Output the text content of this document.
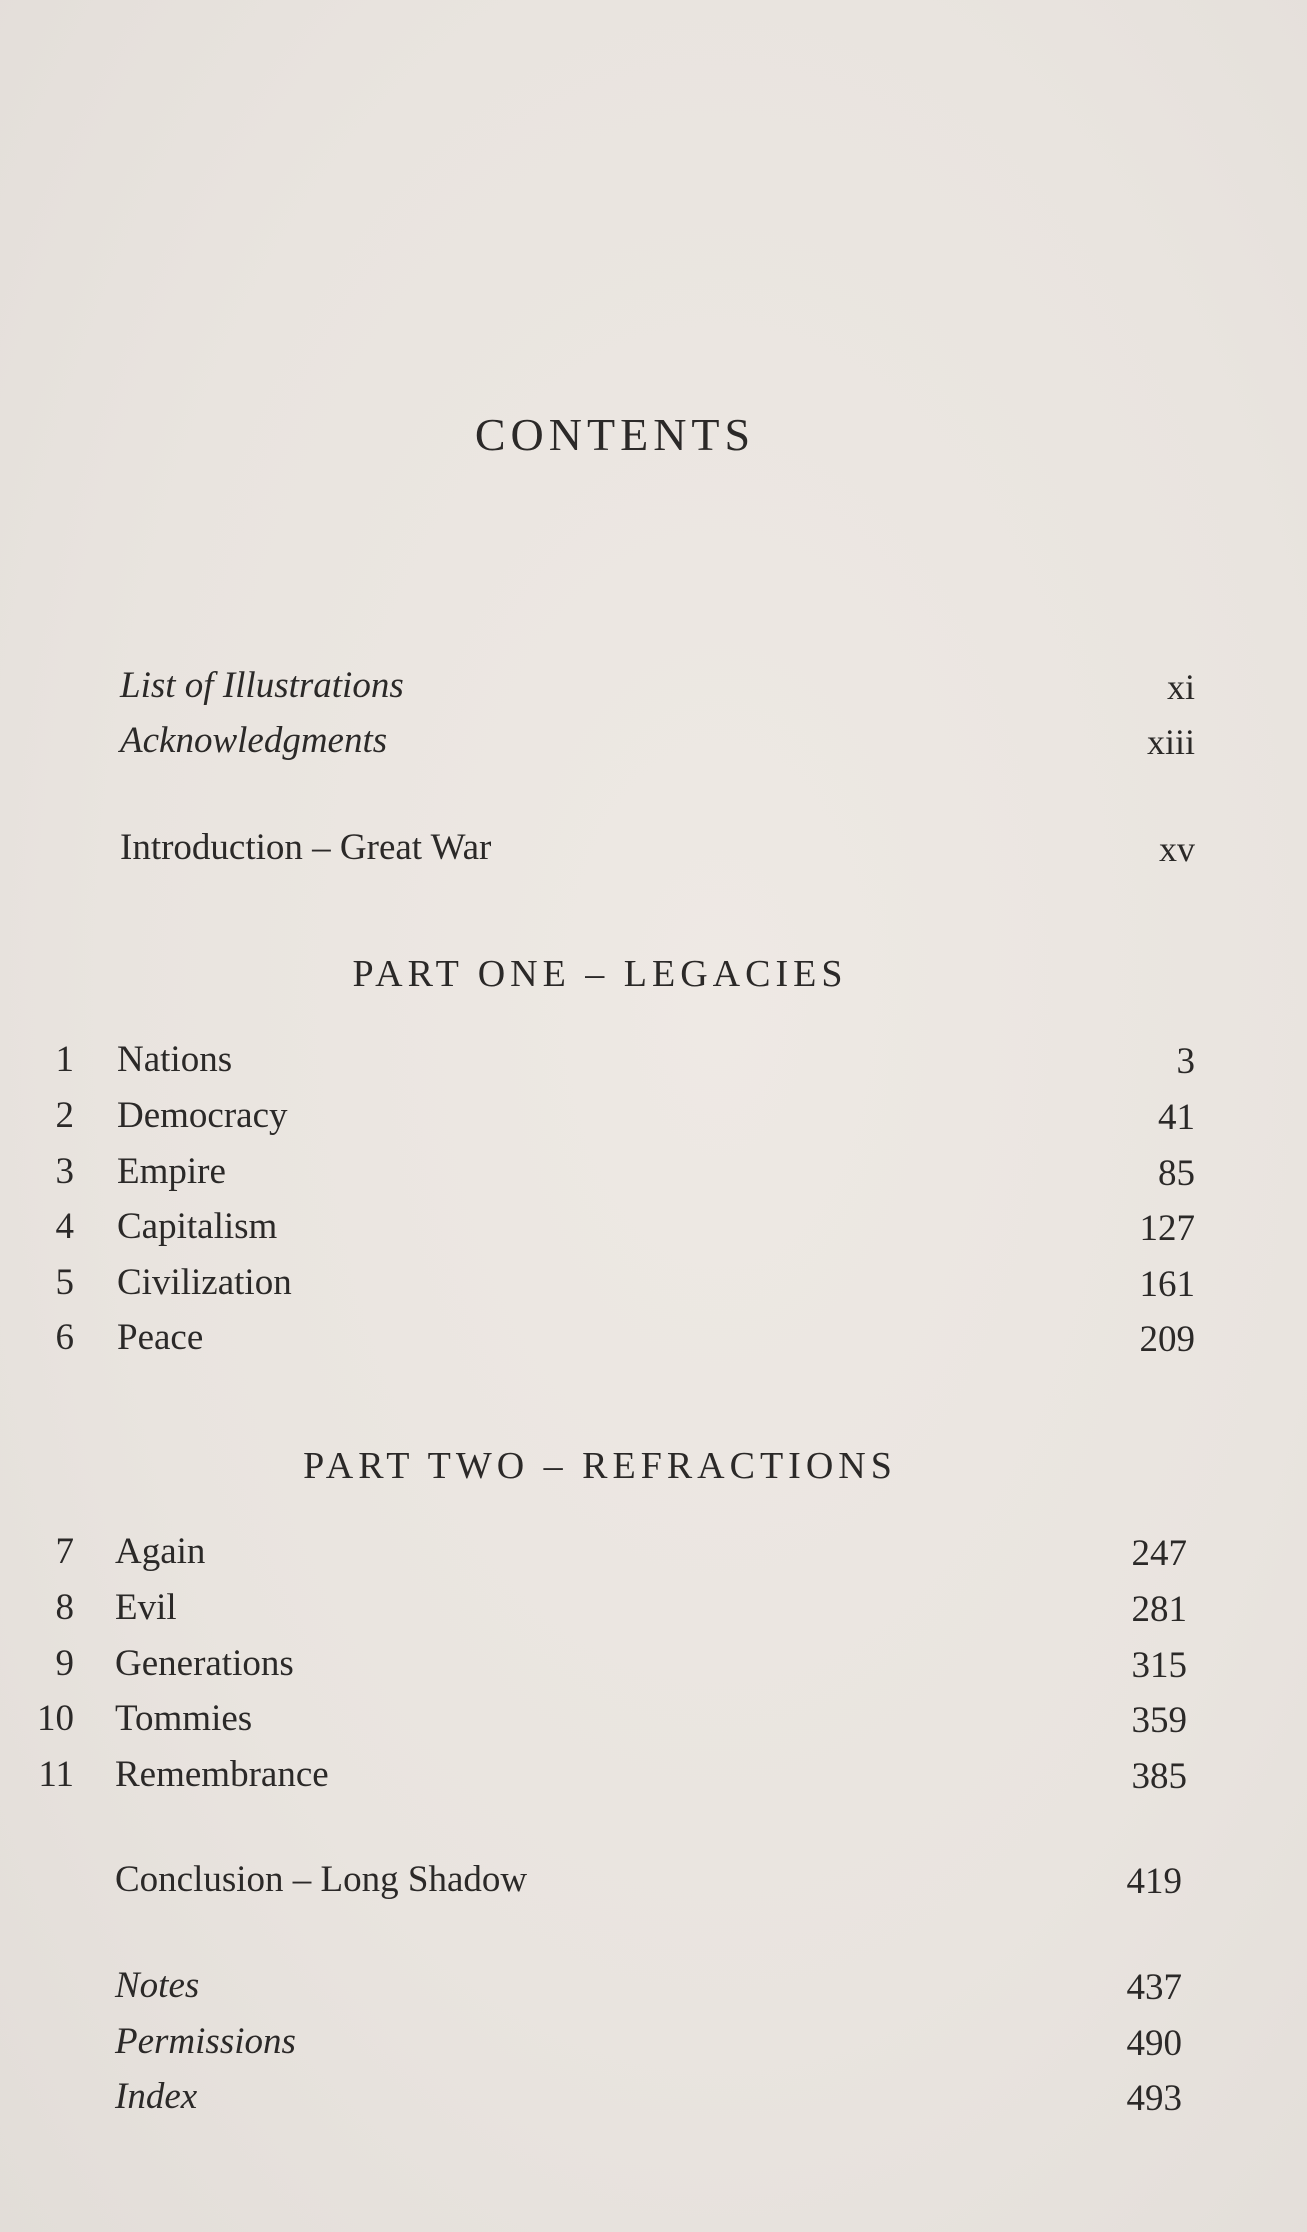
CONTENTS
List of Illustrations	xi
Acknowledgments	xiii
Introduction – Great War	xv
PART ONE – LEGACIES
1 Nations	3
2 Democracy	41
3 Empire	85
4 Capitalism	127
5 Civilization	161
6 Peace	209
PART TWO – REFRACTIONS
7 Again	247
8 Evil	281
9 Generations	315
10 Tommies	359
11 Remembrance	385
Conclusion – Long Shadow	419
Notes	437
Permissions	490
Index	493
